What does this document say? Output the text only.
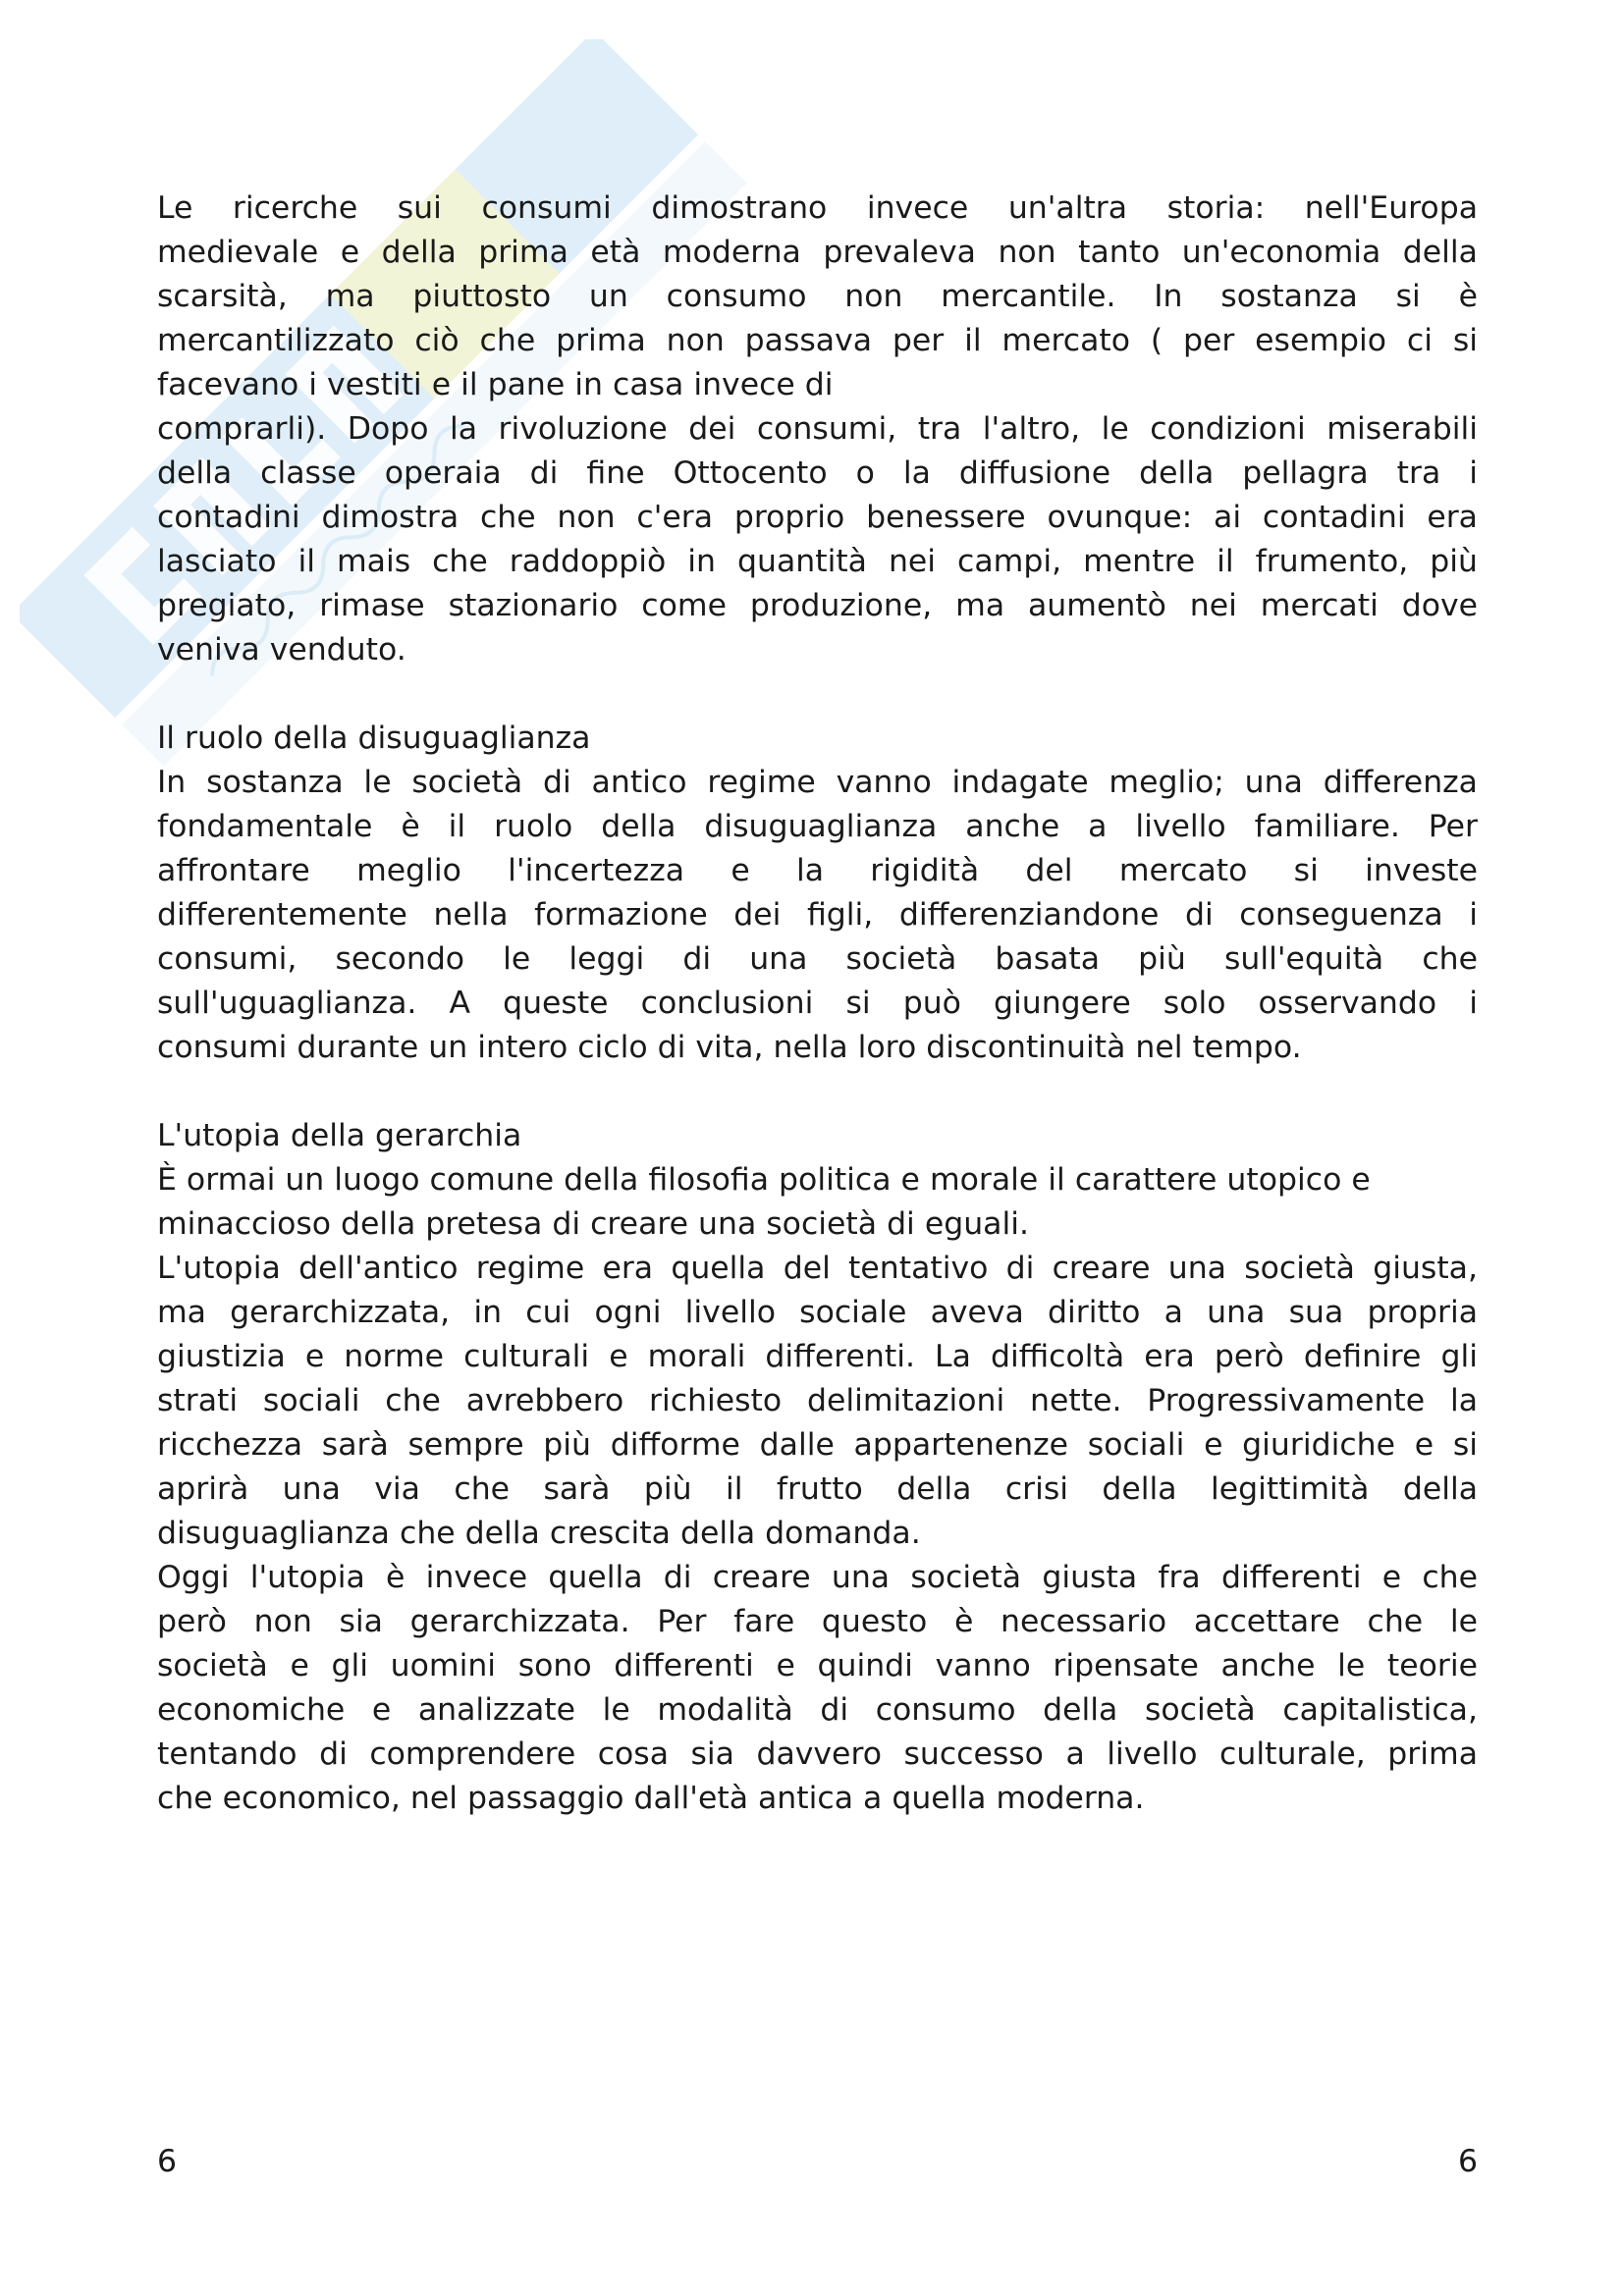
Le ricerche sui consumi dimostrano invece un'altra storia: nell'Europa
medievale e della prima età moderna prevaleva non tanto un'economia della
scarsità, ma piuttosto un consumo non mercantile. In sostanza si è
mercantilizzato ciò che prima non passava per il mercato ( per esempio ci si
facevano i vestiti e il pane in casa invece di
comprarli). Dopo la rivoluzione dei consumi, tra l'altro, le condizioni miserabili
della classe operaia di fine Ottocento o la diffusione della pellagra tra i
contadini dimostra che non c'era proprio benessere ovunque: ai contadini era
lasciato il mais che raddoppiò in quantità nei campi, mentre il frumento, più
pregiato, rimase stazionario come produzione, ma aumentò nei mercati dove
veniva venduto.
Il ruolo della disuguaglianza
In sostanza le società di antico regime vanno indagate meglio; una differenza
fondamentale è il ruolo della disuguaglianza anche a livello familiare. Per
affrontare meglio l'incertezza e la rigidità del mercato si investe
differentemente nella formazione dei figli, differenziandone di conseguenza i
consumi, secondo le leggi di una società basata più sull'equità che
sull'uguaglianza. A queste conclusioni si può giungere solo osservando i
consumi durante un intero ciclo di vita, nella loro discontinuità nel tempo.
L'utopia della gerarchia
È ormai un luogo comune della filosofia politica e morale il carattere utopico e
minaccioso della pretesa di creare una società di eguali.
L'utopia dell'antico regime era quella del tentativo di creare una società giusta,
ma gerarchizzata, in cui ogni livello sociale aveva diritto a una sua propria
giustizia e norme culturali e morali differenti. La difficoltà era però definire gli
strati sociali che avrebbero richiesto delimitazioni nette. Progressivamente la
ricchezza sarà sempre più difforme dalle appartenenze sociali e giuridiche e si
aprirà una via che sarà più il frutto della crisi della legittimità della
disuguaglianza che della crescita della domanda.
Oggi l'utopia è invece quella di creare una società giusta fra differenti e che
però non sia gerarchizzata. Per fare questo è necessario accettare che le
società e gli uomini sono differenti e quindi vanno ripensate anche le teorie
economiche e analizzate le modalità di consumo della società capitalistica,
tentando di comprendere cosa sia davvero successo a livello culturale, prima
che economico, nel passaggio dall'età antica a quella moderna.
6	6
